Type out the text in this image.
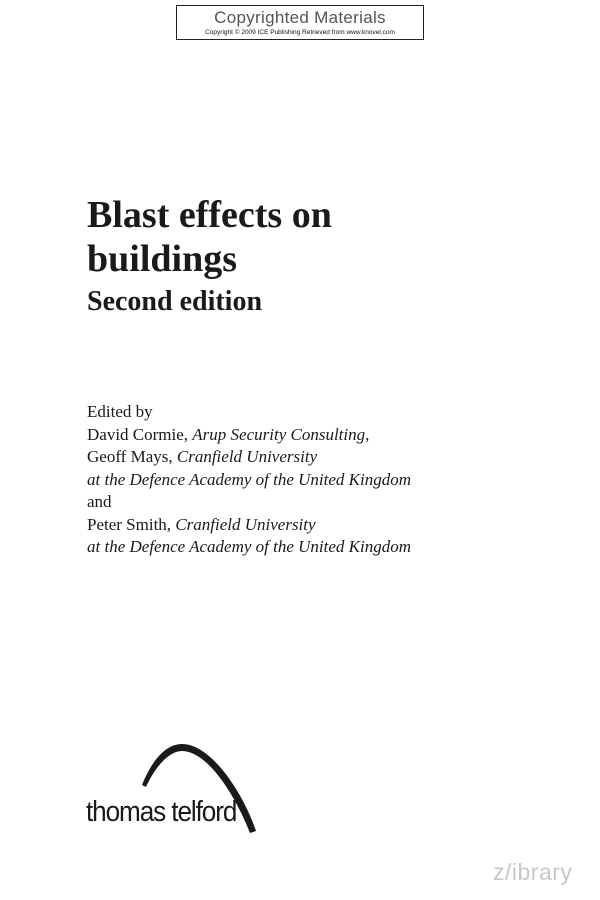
Copyrighted Materials
Copyright © 2009 ICE Publishing Retrieved from www.knovel.com
Blast effects on
buildings
Second edition
Edited by
David Cormie, Arup Security Consulting,
Geoff Mays, Cranfield University
at the Defence Academy of the United Kingdom
and
Peter Smith, Cranfield University
at the Defence Academy of the United Kingdom
thomas telford
z/ibrary
